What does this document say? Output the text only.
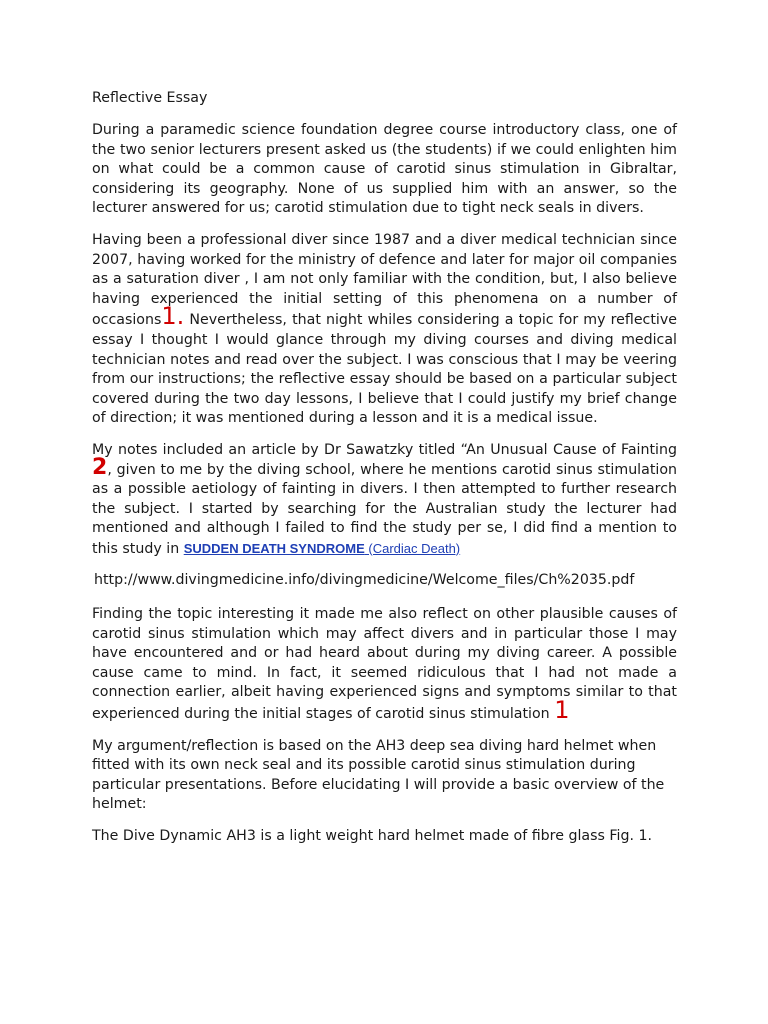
Reflective Essay

During a paramedic science foundation degree course introductory class, one of the two senior lecturers present asked us (the students) if we could enlighten him on what could be a common cause of carotid sinus stimulation in Gibraltar, considering its geography. None of us supplied him with an answer, so the lecturer answered for us; carotid stimulation due to tight neck seals in divers.

Having been a professional diver since 1987 and a diver medical technician since 2007, having worked for the ministry of defence and later for major oil companies as a saturation diver , I am not only familiar with the condition, but, I also believe having experienced the initial setting of this phenomena on a number of occasions1. Nevertheless, that night whiles considering a topic for my reflective essay I thought I would glance through my diving courses and diving medical technician notes and read over the subject. I was conscious that I may be veering from our instructions; the reflective essay should be based on a particular subject covered during the two day lessons, I believe that I could justify my brief change of direction; it was mentioned during a lesson and it is a medical issue.

My notes included an article by Dr Sawatzky titled “An Unusual Cause of Fainting 2, given to me by the diving school, where he mentions carotid sinus stimulation as a possible aetiology of fainting in divers. I then attempted to further research the subject. I started by searching for the Australian study the lecturer had mentioned and although I failed to find the study per se, I did find a mention to this study in SUDDEN DEATH SYNDROME (Cardiac Death)

http://www.divingmedicine.info/divingmedicine/Welcome_files/Ch%2035.pdf

Finding the topic interesting it made me also reflect on other plausible causes of carotid sinus stimulation which may affect divers and in particular those I may have encountered and or had heard about during my diving career. A possible cause came to mind. In fact, it seemed ridiculous that I had not made a connection earlier, albeit having experienced signs and symptoms similar to that experienced during the initial stages of carotid sinus stimulation 1

My argument/reflection is based on the AH3 deep sea diving hard helmet when fitted with its own neck seal and its possible carotid sinus stimulation during particular presentations. Before elucidating I will provide a basic overview of the helmet:

The Dive Dynamic AH3 is a light weight hard helmet made of fibre glass Fig. 1.
